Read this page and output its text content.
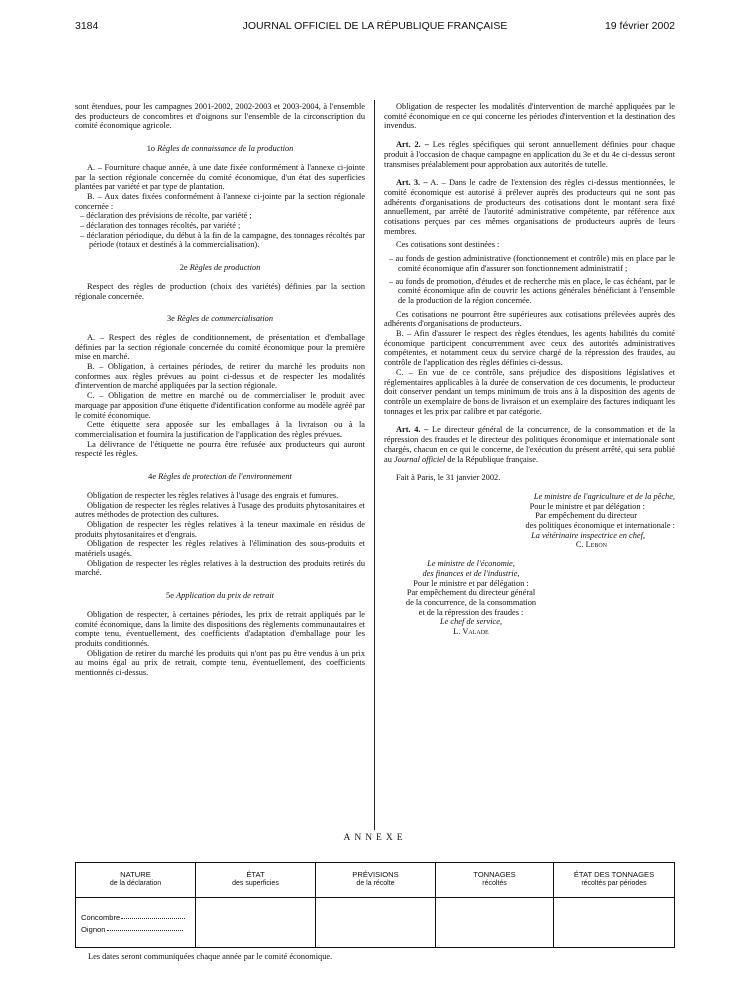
3184	JOURNAL OFFICIEL DE LA RÉPUBLIQUE FRANÇAISE	19 février 2002

sont étendues, pour les campagnes 2001-2002, 2002-2003 et 2003-2004, à l'ensemble des producteurs de concombres et d'oignons sur l'ensemble de la circonscription du comité économique agricole.

1o Règles de connaissance de la production

A. – Fourniture chaque année, à une date fixée conformément à l'annexe ci-jointe par la section régionale concernée du comité économique, d'un état des superficies plantées par variété et par type de plantation.

B. – Aux dates fixées conformément à l'annexe ci-jointe par la section régionale concernée :

– déclaration des prévisions de récolte, par variété ;
– déclaration des tonnages récoltés, par variété ;
– déclaration périodique, du début à la fin de la campagne, des tonnages récoltés par période (totaux et destinés à la commercialisation).

2e Règles de production

Respect des règles de production (choix des variétés) définies par la section régionale concernée.

3e Règles de commercialisation

A. – Respect des règles de conditionnement, de présentation et d'emballage définies par la section régionale concernée du comité économique pour la première mise en marché.

B. – Obligation, à certaines périodes, de retirer du marché les produits non conformes aux règles prévues au point ci-dessus et de respecter les modalités d'intervention de marché appliquées par la section régionale.

C. – Obligation de mettre en marché ou de commercialiser le produit avec marquage par apposition d'une étiquette d'identification conforme au modèle agréé par le comité économique.

Cette étiquette sera apposée sur les emballages à la livraison ou à la commercialisation et fournira la justification de l'application des règles prévues.

La délivrance de l'étiquette ne pourra être refusée aux producteurs qui auront respecté les règles.

4e Règles de protection de l'environnement

Obligation de respecter les règles relatives à l'usage des engrais et fumures.

Obligation de respecter les règles relatives à l'usage des produits phytosanitaires et autres méthodes de protection des cultures.

Obligation de respecter les règles relatives à la teneur maximale en résidus de produits phytosanitaires et d'engrais.

Obligation de respecter les règles relatives à l'élimination des sous-produits et matériels usagés.

Obligation de respecter les règles relatives à la destruction des produits retirés du marché.

5e Application du prix de retrait

Obligation de respecter, à certaines périodes, les prix de retrait appliqués par le comité économique, dans la limite des dispositions des règlements communautaires et compte tenu, éventuellement, des coefficients d'adaptation d'emballage pour les produits conditionnés.

Obligation de retirer du marché les produits qui n'ont pas pu être vendus à un prix au moins égal au prix de retrait, compte tenu, éventuellement, des coefficients mentionnés ci-dessus.

Obligation de respecter les modalités d'intervention de marché appliquées par le comité économique en ce qui concerne les périodes d'intervention et la destination des invendus.

Art. 2. – Les règles spécifiques qui seront annuellement définies pour chaque produit à l'occasion de chaque campagne en application du 3e et du 4e ci-dessus seront transmises préalablement pour approbation aux autorités de tutelle.

Art. 3. – A. – Dans le cadre de l'extension des règles ci-dessus mentionnées, le comité économique est autorisé à prélever auprès des producteurs qui ne sont pas adhérents d'organisations de producteurs des cotisations dont le montant sera fixé annuellement, par arrêté de l'autorité administrative compétente, par référence aux cotisations perçues par ces mêmes organisations de producteurs auprès de leurs membres.

Ces cotisations sont destinées :

– au fonds de gestion administrative (fonctionnement et contrôle) mis en place par le comité économique afin d'assurer son fonctionnement administratif ;
– au fonds de promotion, d'études et de recherche mis en place, le cas échéant, par le comité économique afin de couvrir les actions générales bénéficiant à l'ensemble de la production de la région concernée.

Ces cotisations ne pourront être supérieures aux cotisations prélevées auprès des adhérents d'organisations de producteurs.

B. – Afin d'assurer le respect des règles étendues, les agents habilités du comité économique participent concurremment avec ceux des autorités administratives compétentes, et notamment ceux du service chargé de la répression des fraudes, au contrôle de l'application des règles définies ci-dessus.

C. – En vue de ce contrôle, sans préjudice des dispositions législatives et réglementaires applicables à la durée de conservation de ces documents, le producteur doit conserver pendant un temps minimum de trois ans à la disposition des agents de contrôle un exemplaire de bons de livraison et un exemplaire des factures indiquant les tonnages et les prix par calibre et par catégorie.

Art. 4. – Le directeur général de la concurrence, de la consommation et de la répression des fraudes et le directeur des politiques économique et internationale sont chargés, chacun en ce qui le concerne, de l'exécution du présent arrêté, qui sera publié au Journal officiel de la République française.

Fait à Paris, le 31 janvier 2002.

Le ministre de l'agriculture et de la pêche,

Pour le ministre et par délégation :

Par empêchement du directeur

des politiques économique et internationale :

La vétérinaire inspectrice en chef,

C. Lebon

Le ministre de l'économie,

des finances et de l'industrie,

Pour le ministre et par délégation :

Par empêchement du directeur général

de la concurrence, de la consommation

et de la répression des fraudes :

Le chef de service,

L. Valade

ANNEXE
NATURE
de la déclaration
ÉTAT
des superficies
PRÉVISIONS
de la récolte
TONNAGES
récoltés
ÉTAT DES TONNAGES
récoltés par périodes
Concombre
Oignon
Les dates seront communiquées chaque année par le comité économique.
